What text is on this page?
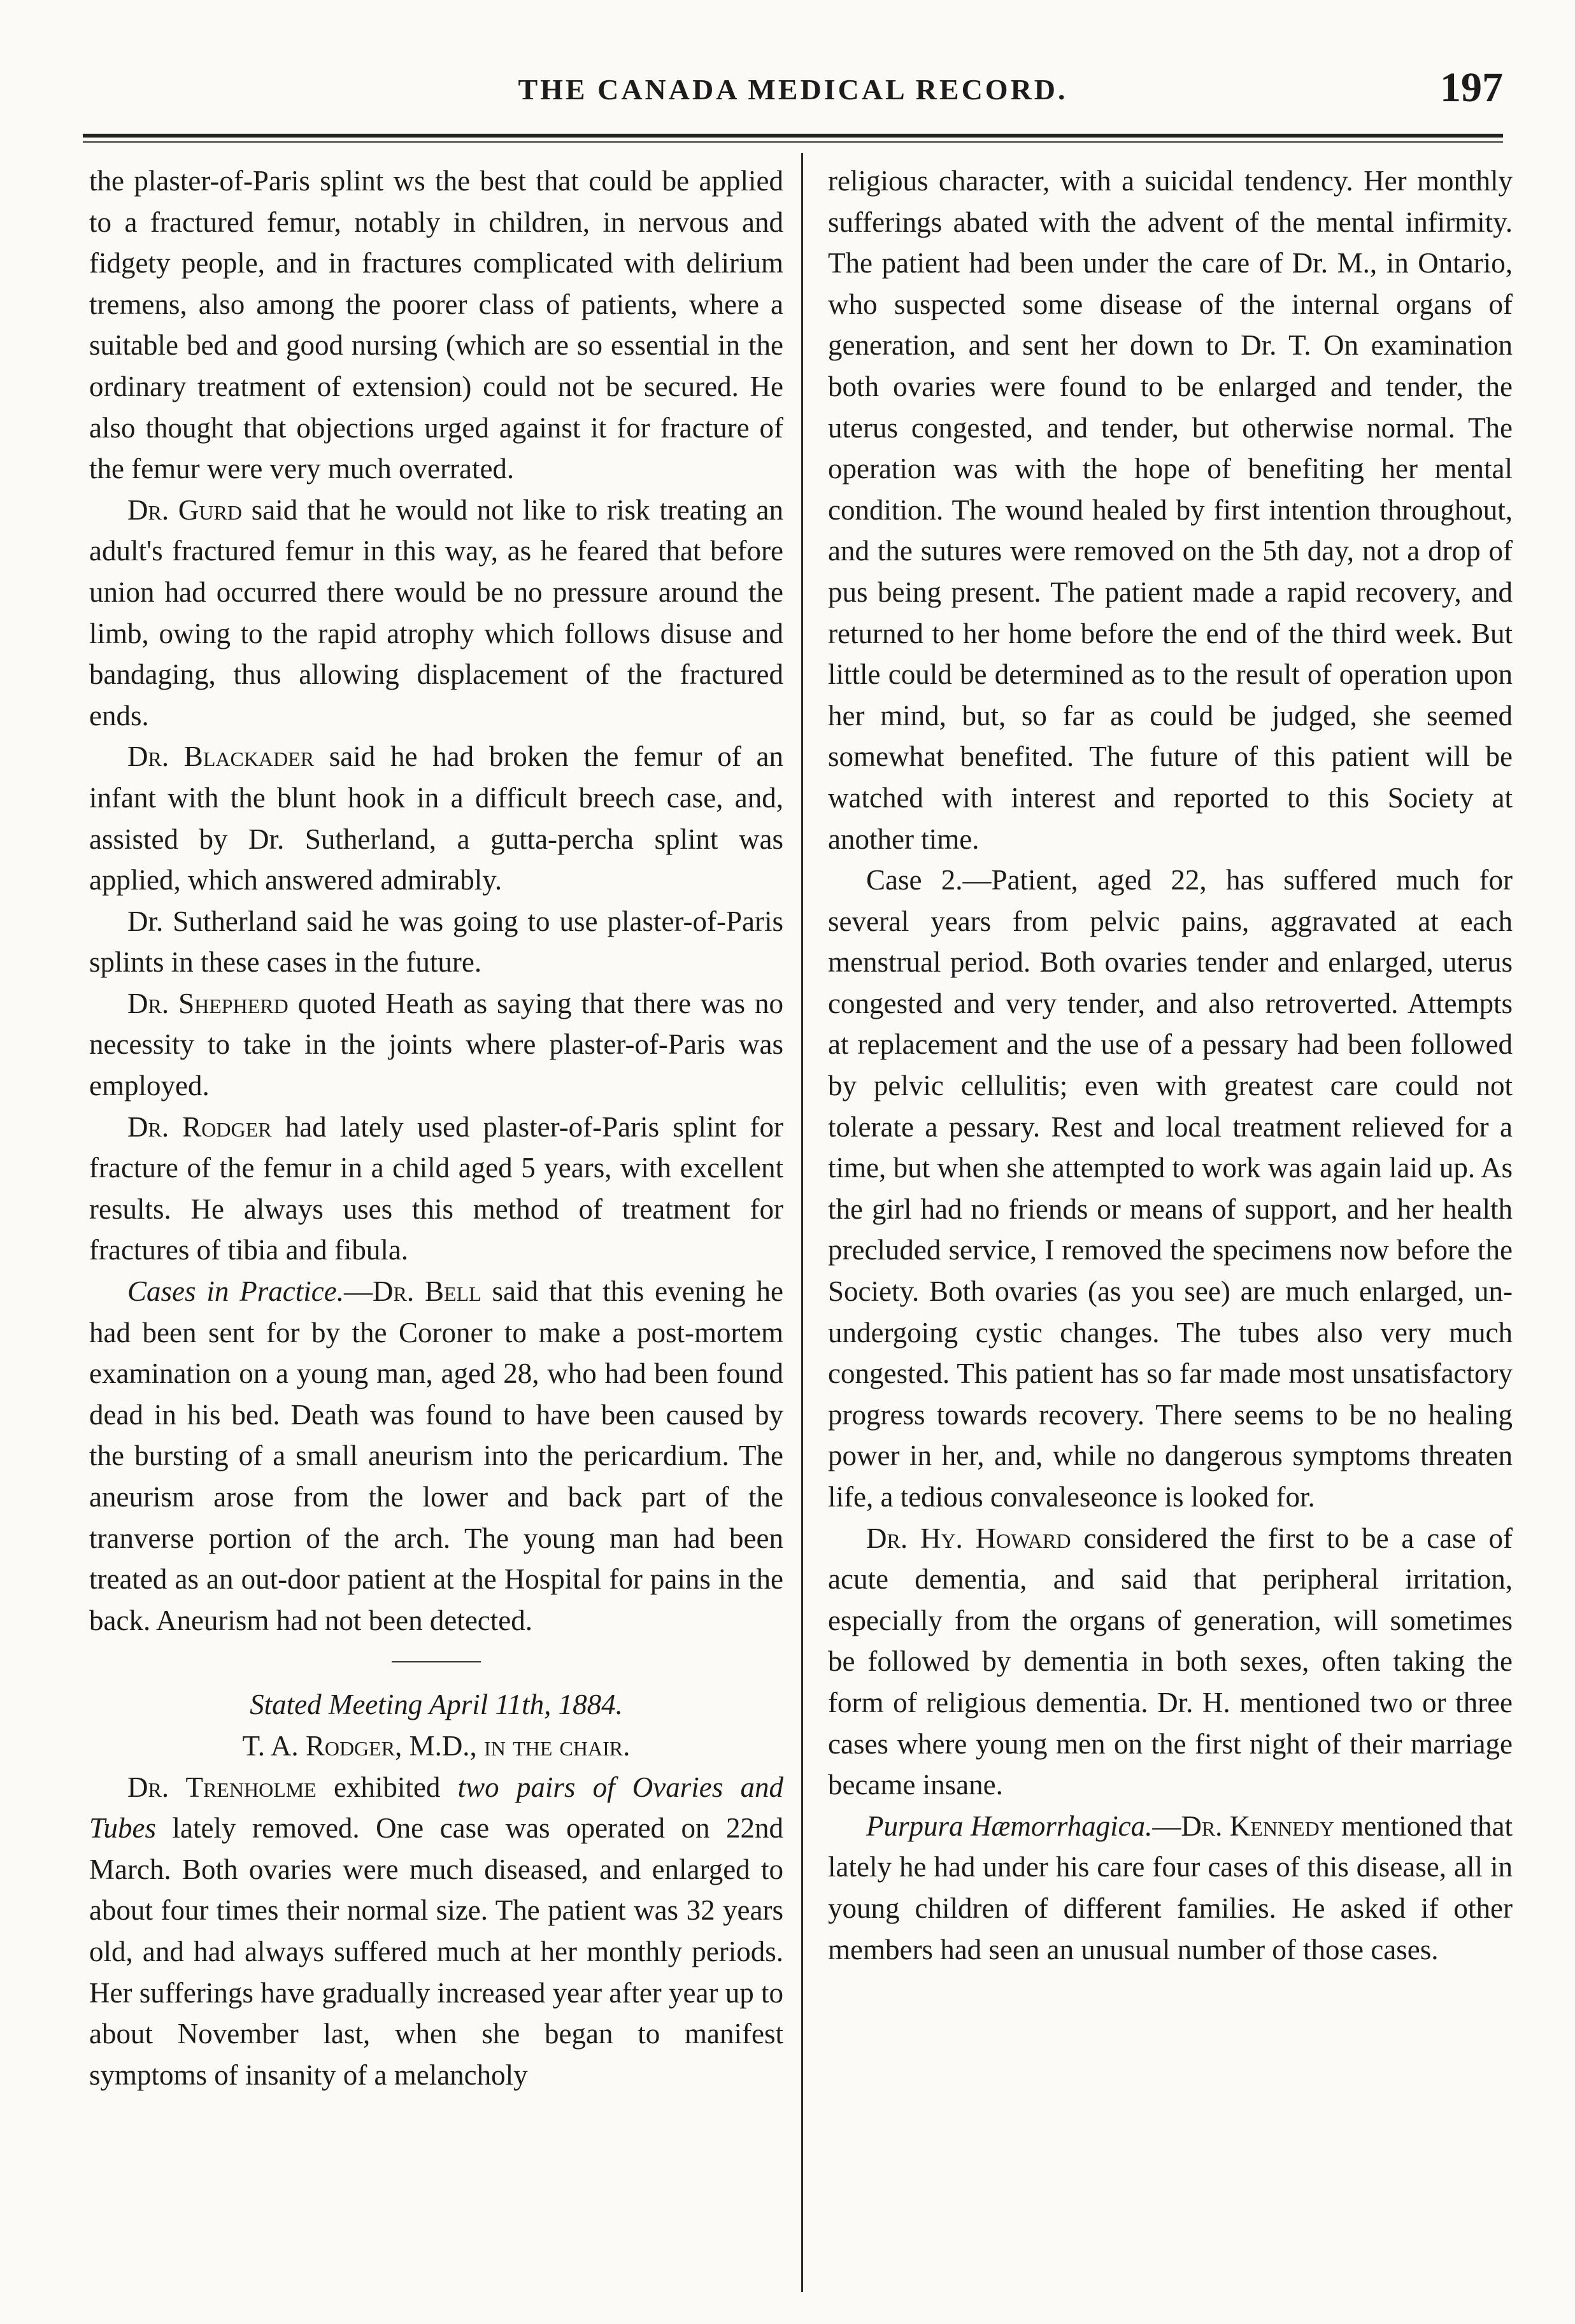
THE CANADA MEDICAL RECORD.	197

the plaster-of-Paris splint ws the best that could be applied to a fractured femur, notably in children, in nervous and fidgety people, and in fractures complicated with delirium tremens, also among the poorer class of patients, where a suitable bed and good nursing (which are so essential in the ordinary treatment of extension) could not be secured. He also thought that objections urged against it for fracture of the femur were very much overrated.

Dr. Gurd said that he would not like to risk treating an adult's fractured femur in this way, as he feared that before union had occurred there would be no pressure around the limb, owing to the rapid atrophy which follows disuse and bandaging, thus allowing displacement of the fractured ends.

Dr. Blackader said he had broken the femur of an infant with the blunt hook in a difficult breech case, and, assisted by Dr. Sutherland, a gutta-percha splint was applied, which answered admirably.

Dr. Sutherland said he was going to use plaster-of-Paris splints in these cases in the future.

Dr. Shepherd quoted Heath as saying that there was no necessity to take in the joints where plaster-of-Paris was employed.

Dr. Rodger had lately used plaster-of-Paris splint for fracture of the femur in a child aged 5 years, with excellent results. He always uses this method of treatment for fractures of tibia and fibula.

Cases in Practice.—Dr. Bell said that this evening he had been sent for by the Coroner to make a post-mortem examination on a young man, aged 28, who had been found dead in his bed. Death was found to have been caused by the bursting of a small aneurism into the pericardium. The aneurism arose from the lower and back part of the tranverse portion of the arch. The young man had been treated as an out-door patient at the Hospital for pains in the back. Aneurism had not been detected.

Stated Meeting April 11th, 1884.

T. A. Rodger, M.D., in the chair.

Dr. Trenholme exhibited two pairs of Ovaries and Tubes lately removed. One case was operated on 22nd March. Both ovaries were much diseased, and enlarged to about four times their normal size. The patient was 32 years old, and had always suffered much at her monthly periods. Her sufferings have gradually increased year after year up to about November last, when she began to manifest symptoms of insanity of a melancholy

religious character, with a suicidal tendency. Her monthly sufferings abated with the advent of the mental infirmity. The patient had been under the care of Dr. M., in Ontario, who suspected some disease of the internal organs of generation, and sent her down to Dr. T. On examination both ovaries were found to be enlarged and tender, the uterus congested, and tender, but otherwise normal. The operation was with the hope of benefiting her mental condition. The wound healed by first intention throughout, and the sutures were removed on the 5th day, not a drop of pus being present. The patient made a rapid recovery, and returned to her home before the end of the third week. But little could be determined as to the result of operation upon her mind, but, so far as could be judged, she seemed somewhat benefited. The future of this patient will be watched with interest and reported to this Society at another time.

Case 2.—Patient, aged 22, has suffered much for several years from pelvic pains, aggravated at each menstrual period. Both ovaries tender and enlarged, uterus congested and very tender, and also retroverted. Attempts at replacement and the use of a pessary had been followed by pelvic cellulitis; even with greatest care could not tolerate a pessary. Rest and local treatment relieved for a time, but when she attempted to work was again laid up. As the girl had no friends or means of support, and her health precluded service, I removed the specimens now before the Society. Both ovaries (as you see) are much enlarged, un-undergoing cystic changes. The tubes also very much congested. This patient has so far made most unsatisfactory progress towards recovery. There seems to be no healing power in her, and, while no dangerous symptoms threaten life, a tedious convaleseonce is looked for.

Dr. Hy. Howard considered the first to be a case of acute dementia, and said that peripheral irritation, especially from the organs of generation, will sometimes be followed by dementia in both sexes, often taking the form of religious dementia. Dr. H. mentioned two or three cases where young men on the first night of their marriage became insane.

Purpura Hæmorrhagica.—Dr. Kennedy mentioned that lately he had under his care four cases of this disease, all in young children of different families. He asked if other members had seen an unusual number of those cases.
